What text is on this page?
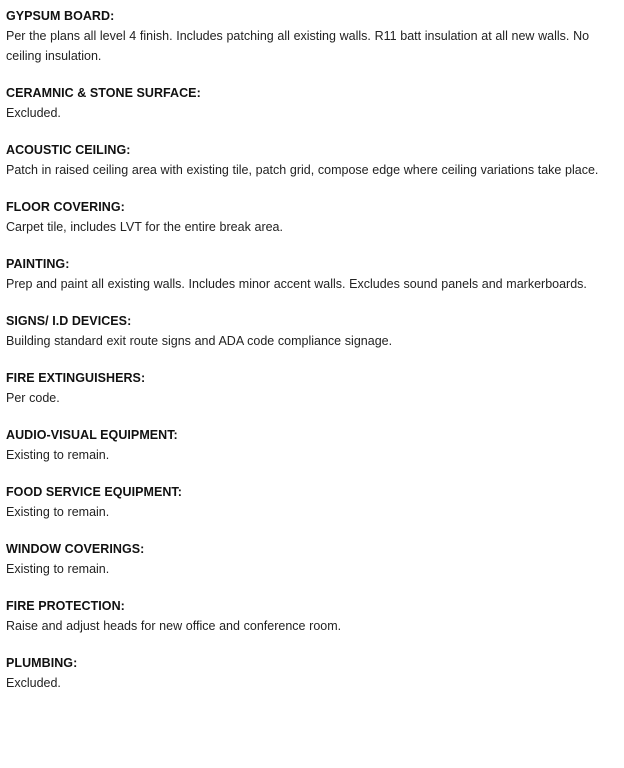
GYPSUM BOARD:
Per the plans all level 4 finish. Includes patching all existing walls. R11 batt insulation at all new walls. No ceiling insulation.
CERAMNIC & STONE SURFACE:
Excluded.
ACOUSTIC CEILING:
Patch in raised ceiling area with existing tile, patch grid, compose edge where ceiling variations take place.
FLOOR COVERING:
Carpet tile, includes LVT for the entire break area.
PAINTING:
Prep and paint all existing walls. Includes minor accent walls. Excludes sound panels and markerboards.
SIGNS/ I.D DEVICES:
Building standard exit route signs and ADA code compliance signage.
FIRE EXTINGUISHERS:
Per code.
AUDIO-VISUAL EQUIPMENT:
Existing to remain.
FOOD SERVICE EQUIPMENT:
Existing to remain.
WINDOW COVERINGS:
Existing to remain.
FIRE PROTECTION:
Raise and adjust heads for new office and conference room.
PLUMBING:
Excluded.
